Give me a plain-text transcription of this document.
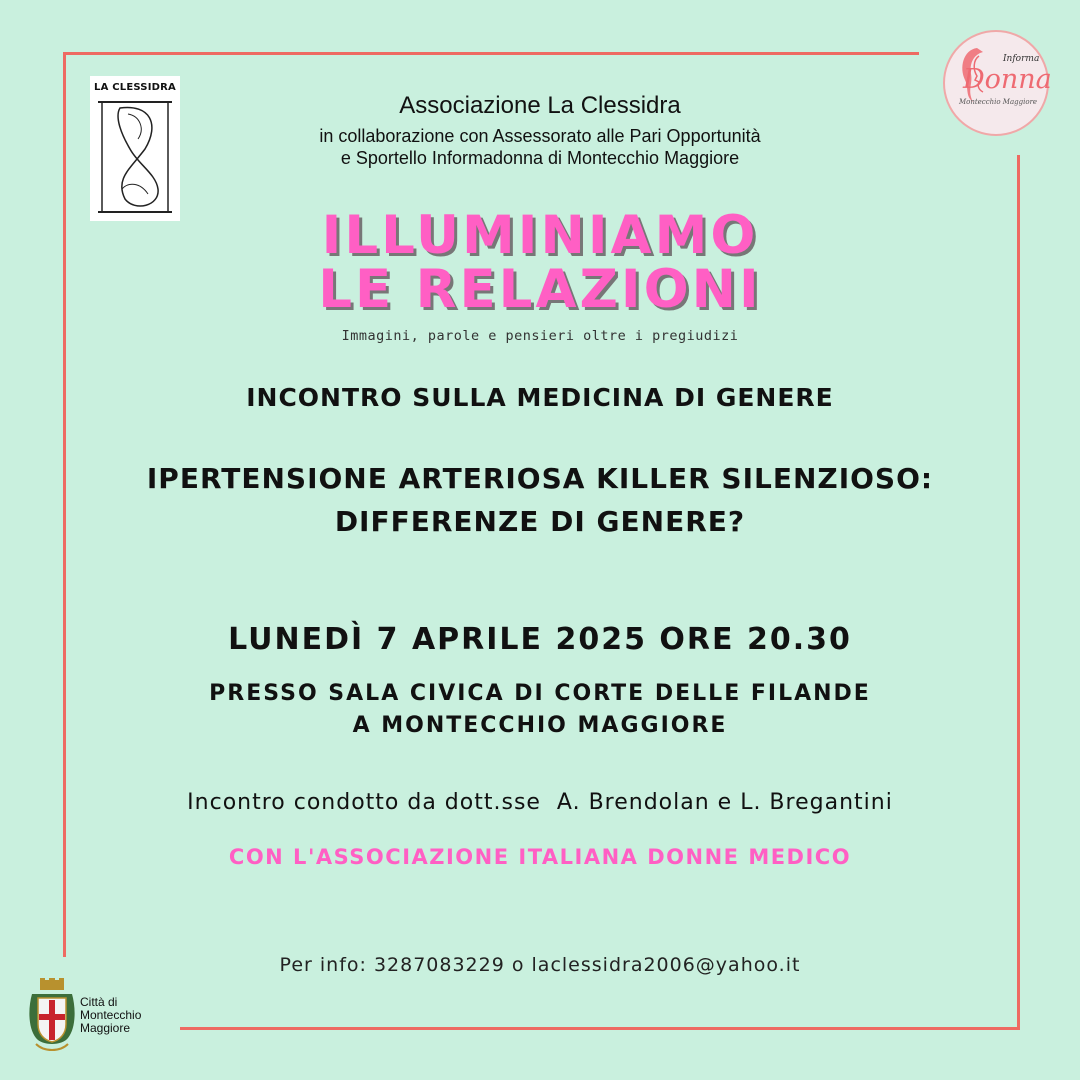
LA CLESSIDRA
Informa
Donna
Montecchio Maggiore
Associazione La Clessidra
in collaborazione con Assessorato alle Pari Opportunità
e Sportello Informadonna di Montecchio Maggiore
ILLUMINIAMO
LE RELAZIONI
Immagini, parole e pensieri oltre i pregiudizi
INCONTRO SULLA MEDICINA DI GENERE
IPERTENSIONE ARTERIOSA KILLER SILENZIOSO:
DIFFERENZE DI GENERE?
LUNEDÌ 7 APRILE 2025 ORE 20.30
PRESSO SALA CIVICA DI CORTE DELLE FILANDE
A MONTECCHIO MAGGIORE
Incontro condotto da dott.sse  A. Brendolan e L. Bregantini
CON L'ASSOCIAZIONE ITALIANA DONNE MEDICO
Per info: 3287083229 o laclessidra2006@yahoo.it
Città di
Montecchio
Maggiore
